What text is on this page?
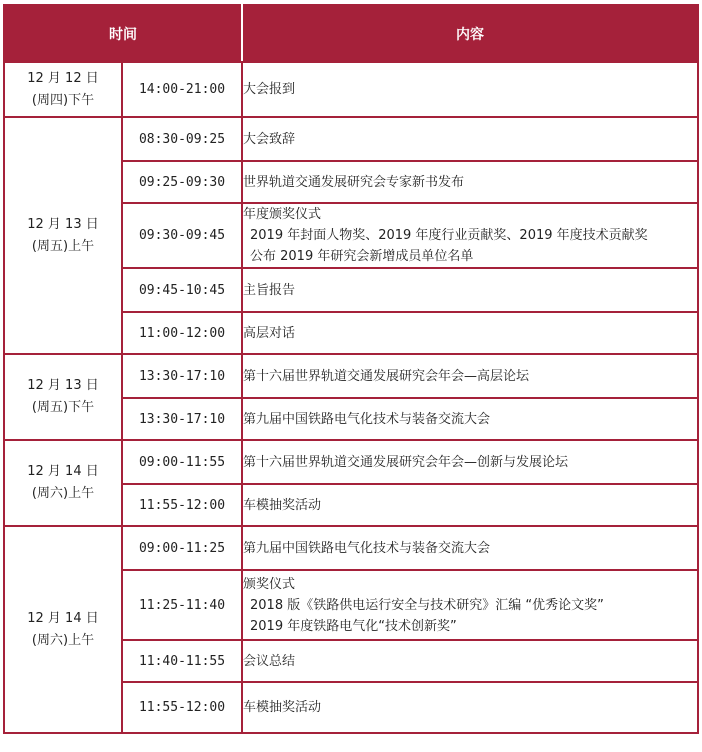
时间		内容
12 月 12 日
(周四)下午	14:00-21:00	大会报到
12 月 13 日
(周五)上午	08:30-09:25	大会致辞
	09:25-09:30	世界轨道交通发展研究会专家新书发布
	09:30-09:45	年度颁奖仪式
2019 年封面人物奖、2019 年度行业贡献奖、2019 年度技术贡献奖
公布 2019 年研究会新增成员单位名单
	09:45-10:45	主旨报告
	11:00-12:00	高层对话
12 月 13 日
(周五)下午	13:30-17:10	第十六届世界轨道交通发展研究会年会—高层论坛
	13:30-17:10	第九届中国铁路电气化技术与装备交流大会
12 月 14 日
(周六)上午	09:00-11:55	第十六届世界轨道交通发展研究会年会—创新与发展论坛
	11:55-12:00	车模抽奖活动
12 月 14 日
(周六)上午	09:00-11:25	第九届中国铁路电气化技术与装备交流大会
	11:25-11:40	颁奖仪式
2018 版《铁路供电运行安全与技术研究》汇编 “优秀论文奖”
2019 年度铁路电气化“技术创新奖”
	11:40-11:55	会议总结
	11:55-12:00	车模抽奖活动
